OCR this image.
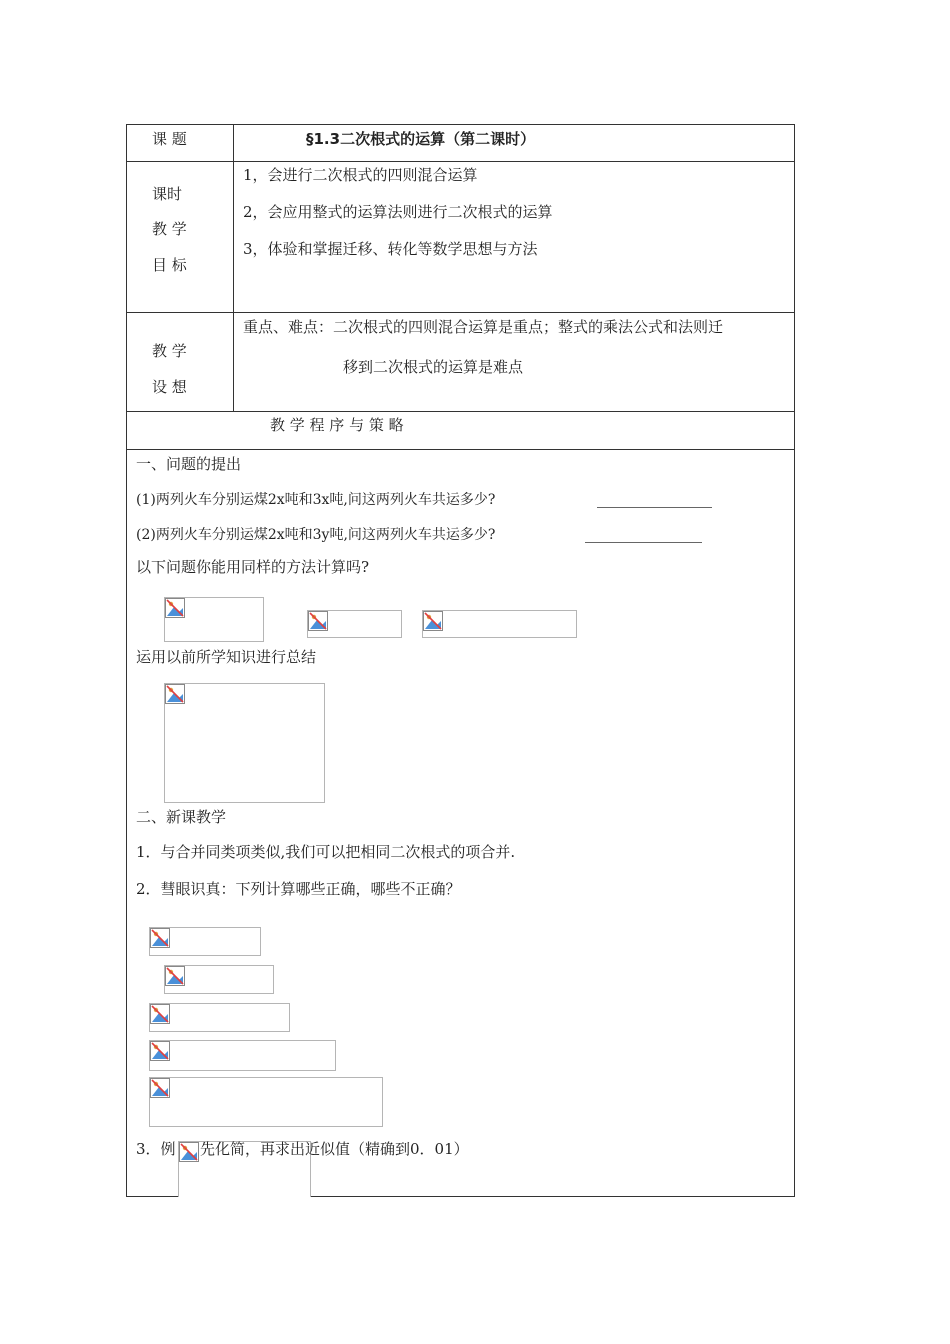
课 题	§1.3二次根式的运算（第二课时）
课时
教 学
目 标
1，会进行二次根式的四则混合运算
2，会应用整式的运算法则进行二次根式的运算
3，体验和掌握迁移、转化等数学思想与方法
教 学
设 想
重点、难点：二次根式的四则混合运算是重点；整式的乘法公式和法则迁
移到二次根式的运算是难点
教 学 程 序 与 策 略
一、问题的提出
(1)两列火车分别运煤2x吨和3x吨,问这两列火车共运多少?
(2)两列火车分别运煤2x吨和3y吨,问这两列火车共运多少?
以下问题你能用同样的方法计算吗?
运用以前所学知识进行总结
二、新课教学
1．与合并同类项类似,我们可以把相同二次根式的项合并.
2．彗眼识真：下列计算哪些正确，哪些不正确？
3．例 先化简，再求出近似值（精确到0．01）
